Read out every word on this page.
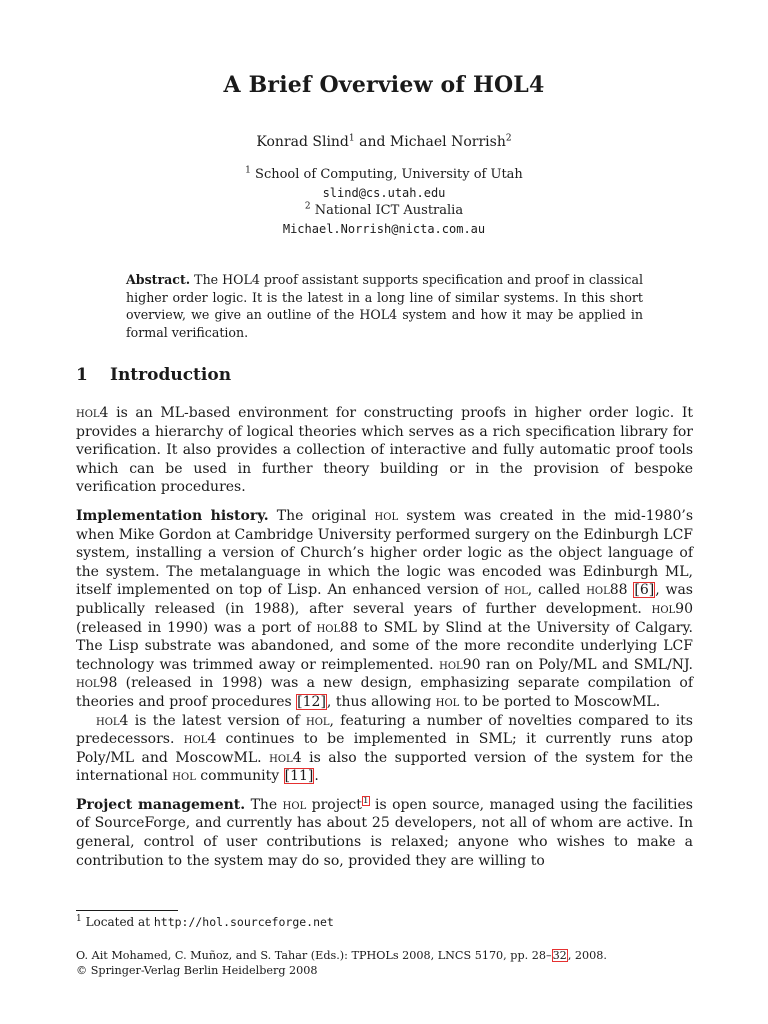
A Brief Overview of HOL4
Konrad Slind$^1$ and Michael Norrish$^2$
$^1$ School of Computing, University of Utah
slind@cs.utah.edu
$^2$ National ICT Australia
Michael.Norrish@nicta.com.au
Abstract. The HOL4 proof assistant supports specification and proof in classical higher order logic. It is the latest in a long line of similar systems. In this short overview, we give an outline of the HOL4 system and how it may be applied in formal verification.
1 Introduction

hol4 is an ML-based environment for constructing proofs in higher order logic. It provides a hierarchy of logical theories which serves as a rich specification library for verification. It also provides a collection of interactive and fully automatic proof tools which can be used in further theory building or in the provision of bespoke verification procedures.

Implementation history. The original hol system was created in the mid-1980’s when Mike Gordon at Cambridge University performed surgery on the Edinburgh LCF system, installing a version of Church’s higher order logic as the object language of the system. The metalanguage in which the logic was encoded was Edinburgh ML, itself implemented on top of Lisp. An enhanced version of hol, called hol88 [6], was publically released (in 1988), after several years of further development. hol90 (released in 1990) was a port of hol88 to SML by Slind at the University of Calgary. The Lisp substrate was abandoned, and some of the more recondite underlying LCF technology was trimmed away or reimplemented. hol90 ran on Poly/ML and SML/NJ. hol98 (released in 1998) was a new design, emphasizing separate compilation of theories and proof procedures [12], thus allowing hol to be ported to MoscowML.

hol4 is the latest version of hol, featuring a number of novelties compared to its predecessors. hol4 continues to be implemented in SML; it currently runs atop Poly/ML and MoscowML. hol4 is also the supported version of the system for the international hol community [11].

Project management. The hol project$^1$ is open source, managed using the facilities of SourceForge, and currently has about 25 developers, not all of whom are active. In general, control of user contributions is relaxed; anyone who wishes to make a contribution to the system may do so, provided they are willing to

$^1$ Located at http://hol.sourceforge.net
O. Ait Mohamed, C. Muñoz, and S. Tahar (Eds.): TPHOLs 2008, LNCS 5170, pp. 28–32, 2008.
© Springer-Verlag Berlin Heidelberg 2008
